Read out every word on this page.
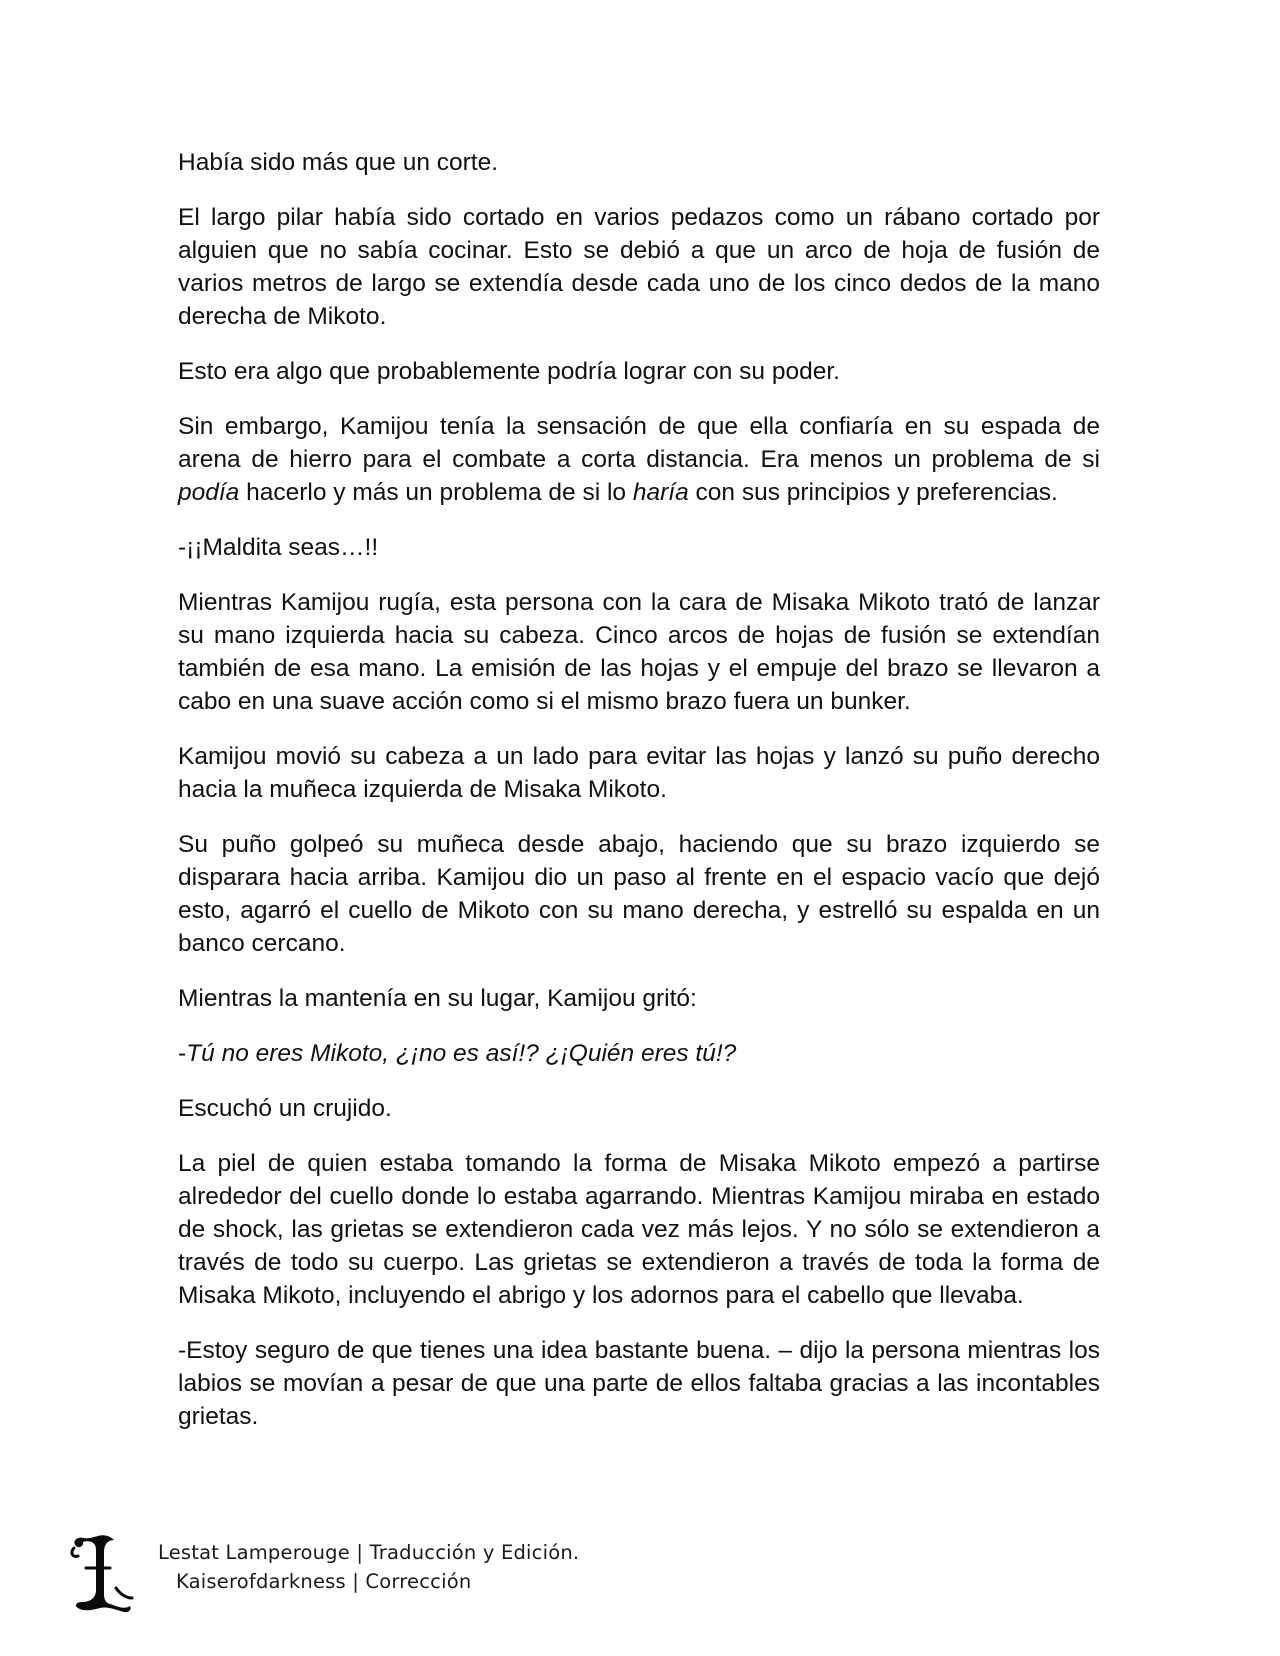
Había sido más que un corte.

El largo pilar había sido cortado en varios pedazos como un rábano cortado por alguien que no sabía cocinar. Esto se debió a que un arco de hoja de fusión de varios metros de largo se extendía desde cada uno de los cinco dedos de la mano derecha de Mikoto.

Esto era algo que probablemente podría lograr con su poder.

Sin embargo, Kamijou tenía la sensación de que ella confiaría en su espada de arena de hierro para el combate a corta distancia. Era menos un problema de si podía hacerlo y más un problema de si lo haría con sus principios y preferencias.

-¡¡Maldita seas…!!

Mientras Kamijou rugía, esta persona con la cara de Misaka Mikoto trató de lanzar su mano izquierda hacia su cabeza. Cinco arcos de hojas de fusión se extendían también de esa mano. La emisión de las hojas y el empuje del brazo se llevaron a cabo en una suave acción como si el mismo brazo fuera un bunker.

Kamijou movió su cabeza a un lado para evitar las hojas y lanzó su puño derecho hacia la muñeca izquierda de Misaka Mikoto.

Su puño golpeó su muñeca desde abajo, haciendo que su brazo izquierdo se disparara hacia arriba. Kamijou dio un paso al frente en el espacio vacío que dejó esto, agarró el cuello de Mikoto con su mano derecha, y estrelló su espalda en un banco cercano.

Mientras la mantenía en su lugar, Kamijou gritó:

-Tú no eres Mikoto, ¿¡no es así!? ¿¡Quién eres tú!?

Escuchó un crujido.

La piel de quien estaba tomando la forma de Misaka Mikoto empezó a partirse alrededor del cuello donde lo estaba agarrando. Mientras Kamijou miraba en estado de shock, las grietas se extendieron cada vez más lejos. Y no sólo se extendieron a través de todo su cuerpo. Las grietas se extendieron a través de toda la forma de Misaka Mikoto, incluyendo el abrigo y los adornos para el cabello que llevaba.

-Estoy seguro de que tienes una idea bastante buena. – dijo la persona mientras los labios se movían a pesar de que una parte de ellos faltaba gracias a las incontables grietas.

Lestat Lamperouge | Traducción y Edición.
Kaiserofdarkness | Corrección
